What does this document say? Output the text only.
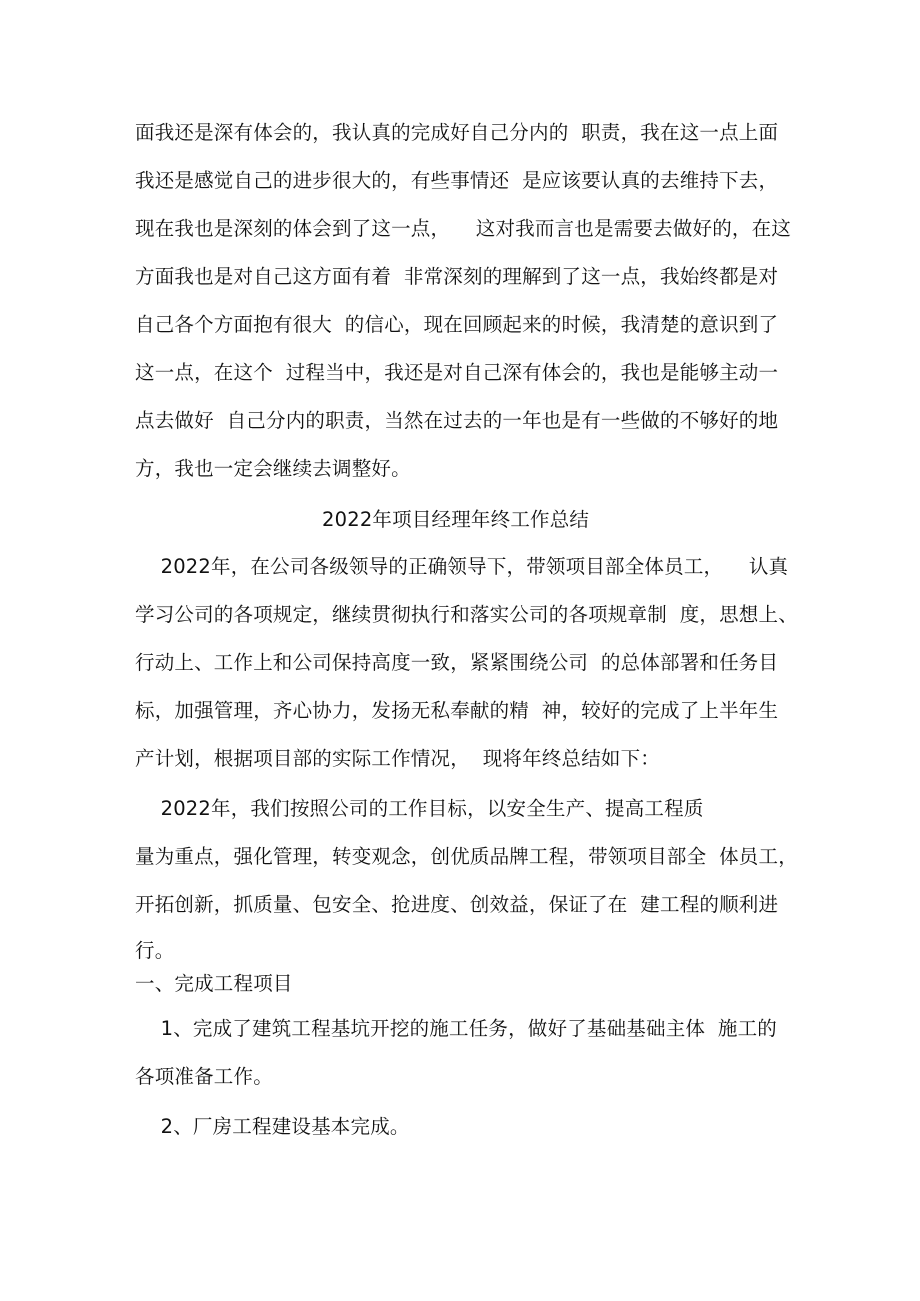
面我还是深有体会的，我认真的完成好自己分内的  职责，我在这一点上面
我还是感觉自己的进步很大的，有些事情还  是应该要认真的去维持下去，
现在我也是深刻的体会到了这一点，    这对我而言也是需要去做好的，在这
方面我也是对自己这方面有着  非常深刻的理解到了这一点，我始终都是对
自己各个方面抱有很大  的信心，现在回顾起来的时候，我清楚的意识到了
这一点，在这个  过程当中，我还是对自己深有体会的，我也是能够主动一
点去做好  自己分内的职责，当然在过去的一年也是有一些做的不够好的地
方，我也一定会继续去调整好。
2022年项目经理年终工作总结
2022年，在公司各级领导的正确领导下，带领项目部全体员工，    认真
学习公司的各项规定，继续贯彻执行和落实公司的各项规章制  度，思想上、
行动上、工作上和公司保持高度一致，紧紧围绕公司  的总体部署和任务目
标，加强管理，齐心协力，发扬无私奉献的精  神，较好的完成了上半年生
产计划，根据项目部的实际工作情况，  现将年终总结如下：
2022年，我们按照公司的工作目标，以安全生产、提高工程质
量为重点，强化管理，转变观念，创优质品牌工程，带领项目部全  体员工，
开拓创新，抓质量、包安全、抢进度、创效益，保证了在  建工程的顺利进
行。
一、完成工程项目
1、完成了建筑工程基坑开挖的施工任务，做好了基础基础主体  施工的
各项准备工作。
2、厂房工程建设基本完成。
